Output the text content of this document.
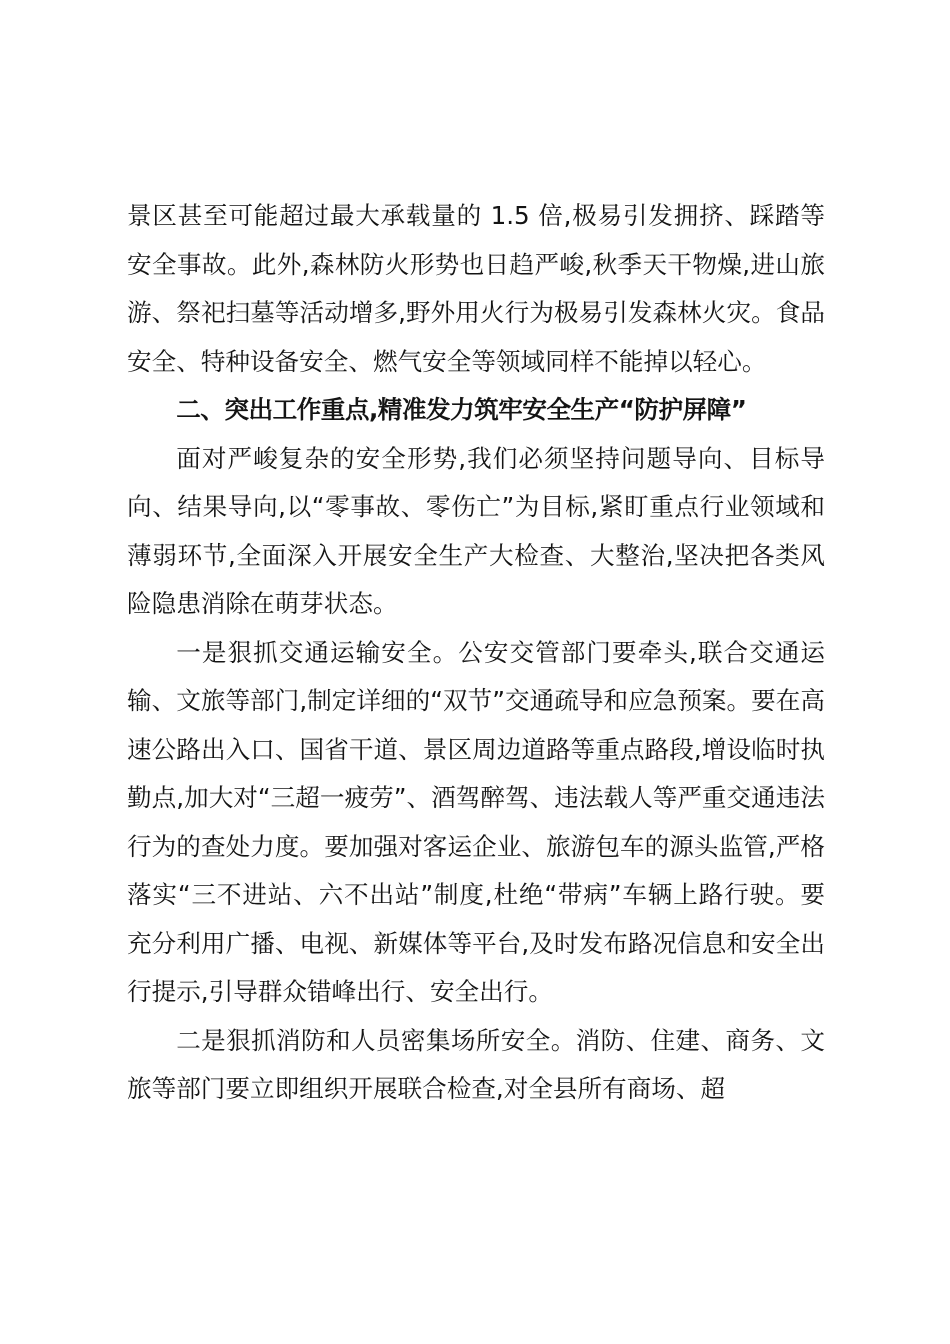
景区甚至可能超过最大承载量的 1.5 倍,极易引发拥挤、踩踏等安全事故。此外,森林防火形势也日趋严峻,秋季天干物燥,进山旅游、祭祀扫墓等活动增多,野外用火行为极易引发森林火灾。食品安全、特种设备安全、燃气安全等领域同样不能掉以轻心。

二、突出工作重点,精准发力筑牢安全生产“防护屏障”

面对严峻复杂的安全形势,我们必须坚持问题导向、目标导向、结果导向,以“零事故、零伤亡”为目标,紧盯重点行业领域和薄弱环节,全面深入开展安全生产大检查、大整治,坚决把各类风险隐患消除在萌芽状态。

一是狠抓交通运输安全。公安交管部门要牵头,联合交通运输、文旅等部门,制定详细的“双节”交通疏导和应急预案。要在高速公路出入口、国省干道、景区周边道路等重点路段,增设临时执勤点,加大对“三超一疲劳”、酒驾醉驾、违法载人等严重交通违法行为的查处力度。要加强对客运企业、旅游包车的源头监管,严格落实“三不进站、六不出站”制度,杜绝“带病”车辆上路行驶。要充分利用广播、电视、新媒体等平台,及时发布路况信息和安全出行提示,引导群众错峰出行、安全出行。

二是狠抓消防和人员密集场所安全。消防、住建、商务、文旅等部门要立即组织开展联合检查,对全县所有商场、超
